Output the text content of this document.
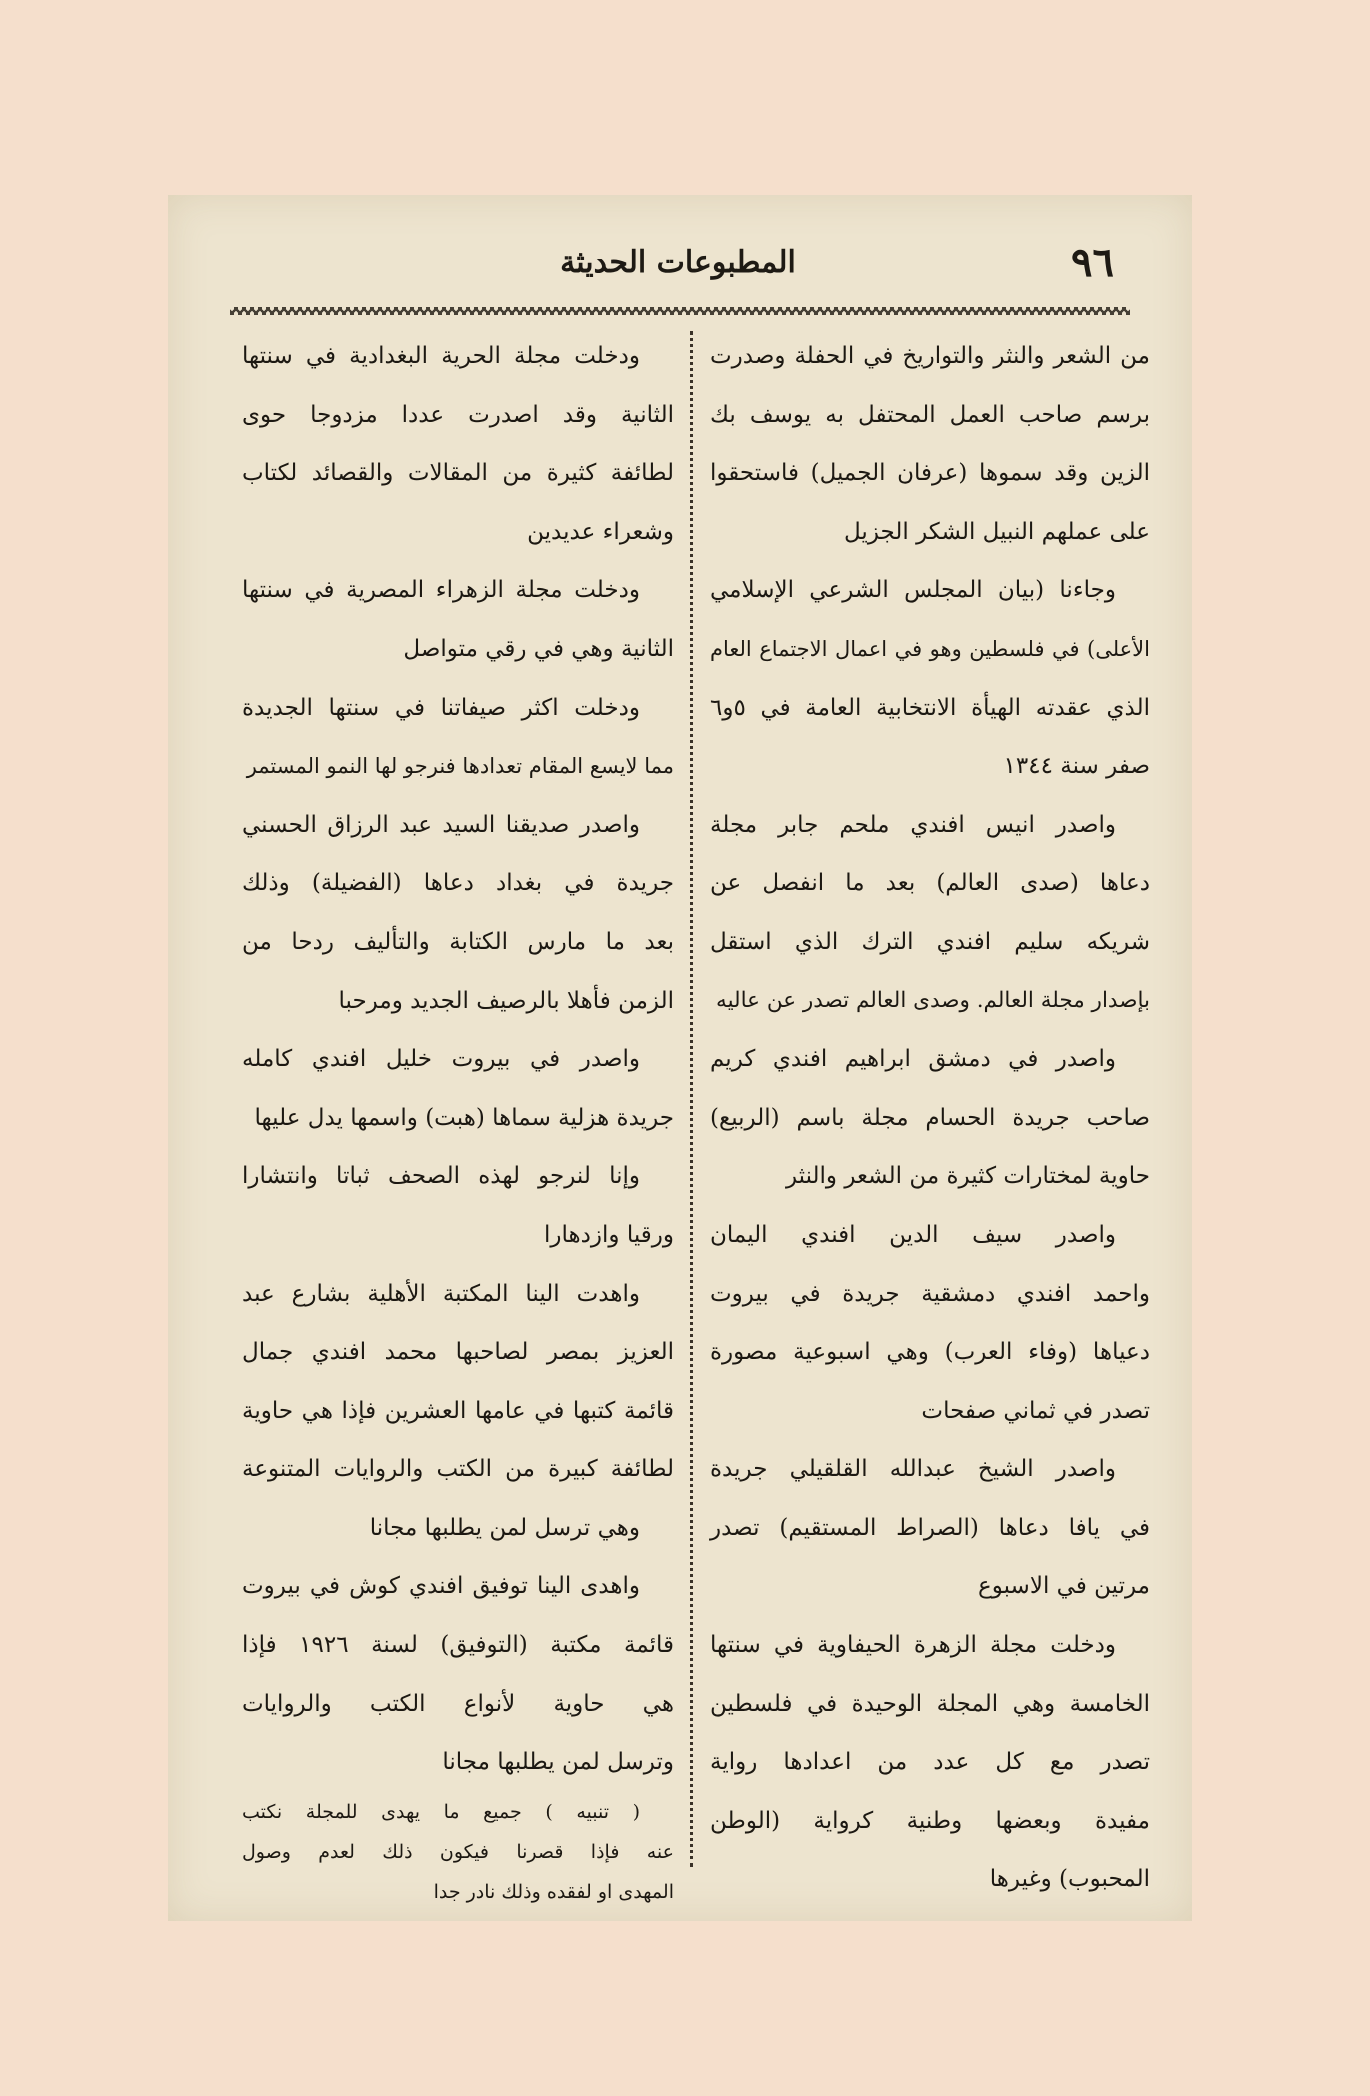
٩٦
المطبوعات الحديثة
من الشعر والنثر والتواريخ في الحفلة وصدرت
برسم صاحب العمل المحتفل به يوسف بك
الزين وقد سموها (عرفان الجميل) فاستحقوا
على عملهم النبيل الشكر الجزيل
وجاءنا (بيان المجلس الشرعي الإسلامي
الأعلى) في فلسطين وهو في اعمال الاجتماع العام
الذي عقدته الهيأة الانتخابية العامة في ٥و٦
صفر سنة ١٣٤٤
واصدر انيس افندي ملحم جابر مجلة
دعاها (صدى العالم) بعد ما انفصل عن
شريكه سليم افندي الترك الذي استقل
بإصدار مجلة العالم. وصدى العالم تصدر عن عاليه
واصدر في دمشق ابراهيم افندي كريم
صاحب جريدة الحسام مجلة باسم (الربيع)
حاوية لمختارات كثيرة من الشعر والنثر
واصدر سيف الدين افندي اليمان
واحمد افندي دمشقية جريدة في بيروت
دعياها (وفاء العرب) وهي اسبوعية مصورة
تصدر في ثماني صفحات
واصدر الشيخ عبدالله القلقيلي جريدة
في يافا دعاها (الصراط المستقيم) تصدر
مرتين في الاسبوع
ودخلت مجلة الزهرة الحيفاوية في سنتها
الخامسة وهي المجلة الوحيدة في فلسطين
تصدر مع كل عدد من اعدادها رواية
مفيدة وبعضها وطنية كرواية (الوطن
المحبوب) وغيرها
ودخلت مجلة الحرية البغدادية في سنتها
الثانية وقد اصدرت عددا مزدوجا حوى
لطائفة كثيرة من المقالات والقصائد لكتاب
وشعراء عديدين
ودخلت مجلة الزهراء المصرية في سنتها
الثانية وهي في رقي متواصل
ودخلت اكثر صيفاتنا في سنتها الجديدة
مما لايسع المقام تعدادها فنرجو لها النمو المستمر
واصدر صديقنا السيد عبد الرزاق الحسني
جريدة في بغداد دعاها (الفضيلة) وذلك
بعد ما مارس الكتابة والتأليف ردحا من
الزمن فأهلا بالرصيف الجديد ومرحبا
واصدر في بيروت خليل افندي كامله
جريدة هزلية سماها (هبت) واسمها يدل عليها
وإنا لنرجو لهذه الصحف ثباتا وانتشارا
ورقيا وازدهارا
واهدت الينا المكتبة الأهلية بشارع عبد
العزيز بمصر لصاحبها محمد افندي جمال
قائمة كتبها في عامها العشرين فإذا هي حاوية
لطائفة كبيرة من الكتب والروايات المتنوعة
وهي ترسل لمن يطلبها مجانا
واهدى الينا توفيق افندي كوش في بيروت
قائمة مكتبة (التوفيق) لسنة ١٩٢٦ فإذا
هي حاوية لأنواع الكتب والروايات
وترسل لمن يطلبها مجانا
( تنبيه ) جميع ما يهدى للمجلة نكتب
عنه فإذا قصرنا فيكون ذلك لعدم وصول
المهدى او لفقده وذلك نادر جدا
